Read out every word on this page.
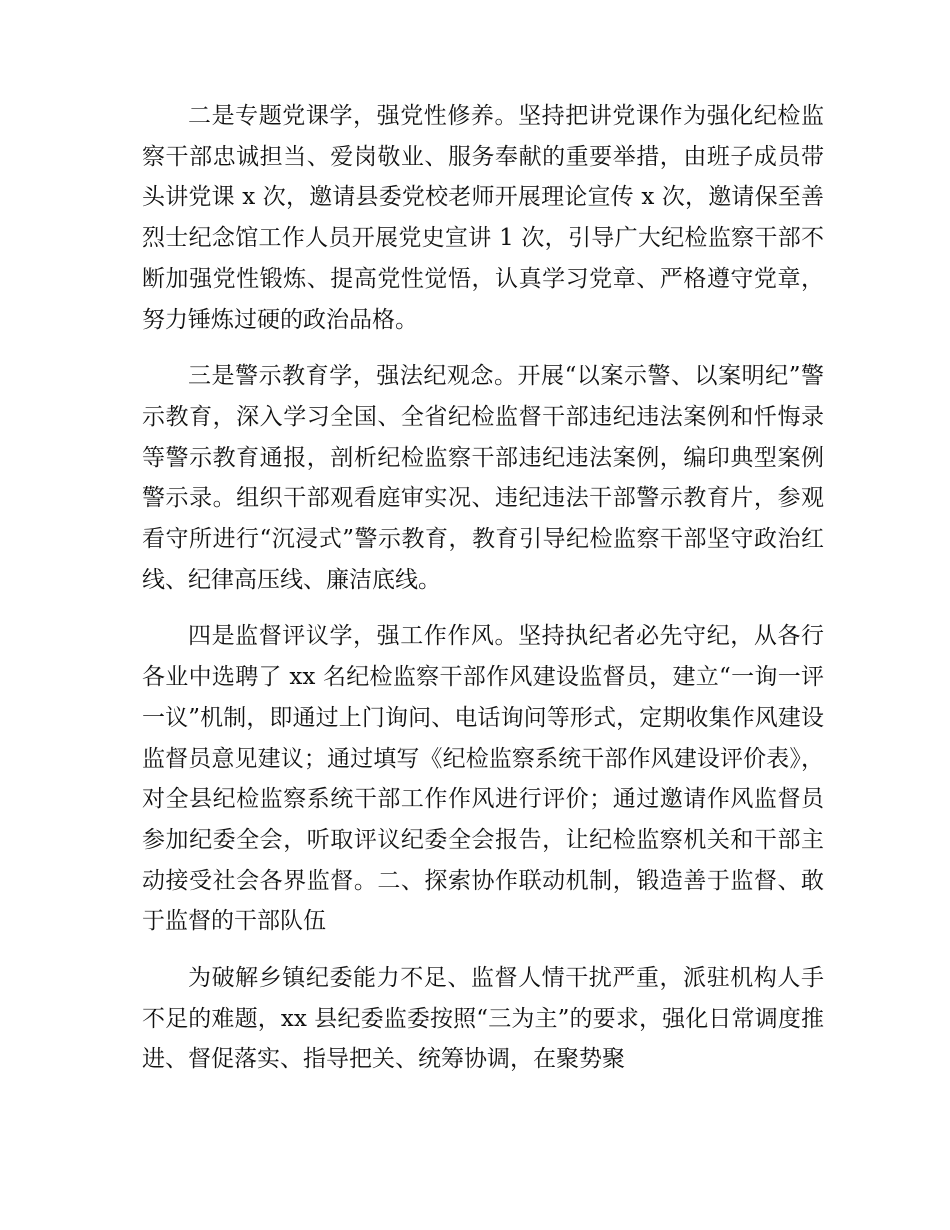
二是专题党课学，强党性修养。坚持把讲党课作为强化纪检监察干部忠诚担当、爱岗敬业、服务奉献的重要举措，由班子成员带头讲党课 x 次，邀请县委党校老师开展理论宣传 x 次，邀请保至善烈士纪念馆工作人员开展党史宣讲 1 次，引导广大纪检监察干部不断加强党性锻炼、提高党性觉悟，认真学习党章、严格遵守党章，努力锤炼过硬的政治品格。

三是警示教育学，强法纪观念。开展“以案示警、以案明纪”警示教育，深入学习全国、全省纪检监督干部违纪违法案例和忏悔录等警示教育通报，剖析纪检监察干部违纪违法案例，编印典型案例警示录。组织干部观看庭审实况、违纪违法干部警示教育片，参观看守所进行“沉浸式”警示教育，教育引导纪检监察干部坚守政治红线、纪律高压线、廉洁底线。

四是监督评议学，强工作作风。坚持执纪者必先守纪，从各行各业中选聘了 xx 名纪检监察干部作风建设监督员，建立“一询一评一议”机制，即通过上门询问、电话询问等形式，定期收集作风建设监督员意见建议；通过填写《纪检监察系统干部作风建设评价表》，对全县纪检监察系统干部工作作风进行评价；通过邀请作风监督员参加纪委全会，听取评议纪委全会报告，让纪检监察机关和干部主动接受社会各界监督。二、探索协作联动机制，锻造善于监督、敢于监督的干部队伍

为破解乡镇纪委能力不足、监督人情干扰严重，派驻机构人手不足的难题，xx 县纪委监委按照“三为主”的要求，强化日常调度推进、督促落实、指导把关、统筹协调，在聚势聚
